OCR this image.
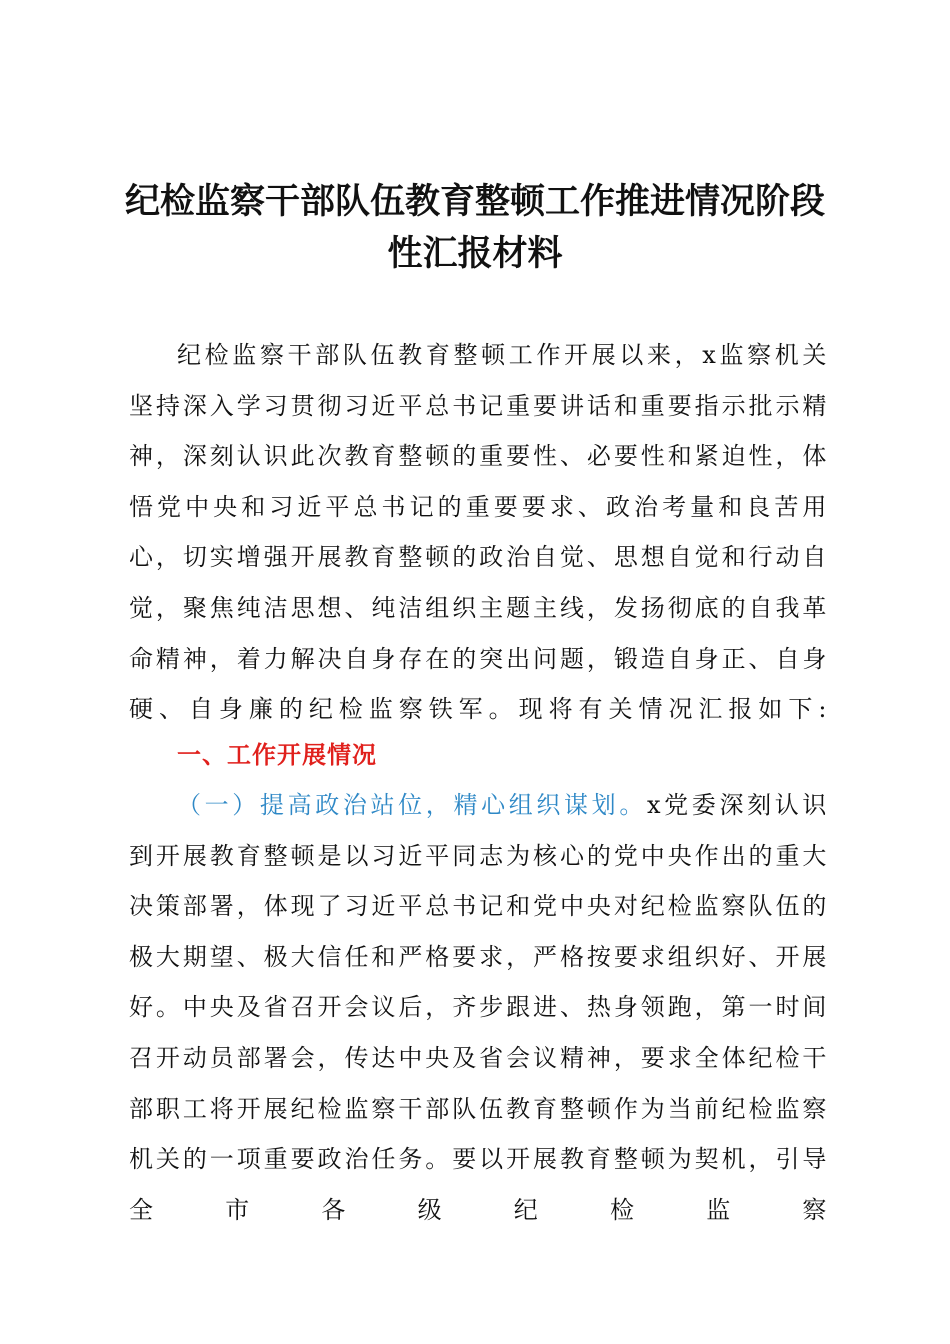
纪检监察干部队伍教育整顿工作推进情况阶段性汇报材料

纪检监察干部队伍教育整顿工作开展以来，x监察机关坚持深入学习贯彻习近平总书记重要讲话和重要指示批示精神，深刻认识此次教育整顿的重要性、必要性和紧迫性，体悟党中央和习近平总书记的重要要求、政治考量和良苦用心，切实增强开展教育整顿的政治自觉、思想自觉和行动自觉，聚焦纯洁思想、纯洁组织主题主线，发扬彻底的自我革命精神，着力解决自身存在的突出问题，锻造自身正、自身硬、自身廉的纪检监察铁军。现将有关情况汇报如下:

一、工作开展情况

（一）提高政治站位，精心组织谋划。x党委深刻认识到开展教育整顿是以习近平同志为核心的党中央作出的重大决策部署，体现了习近平总书记和党中央对纪检监察队伍的极大期望、极大信任和严格要求，严格按要求组织好、开展好。中央及省召开会议后，齐步跟进、热身领跑，第一时间召开动员部署会，传达中央及省会议精神，要求全体纪检干部职工将开展纪检监察干部队伍教育整顿作为当前纪检监察机关的一项重要政治任务。要以开展教育整顿为契机，引导全市各级纪检监察
